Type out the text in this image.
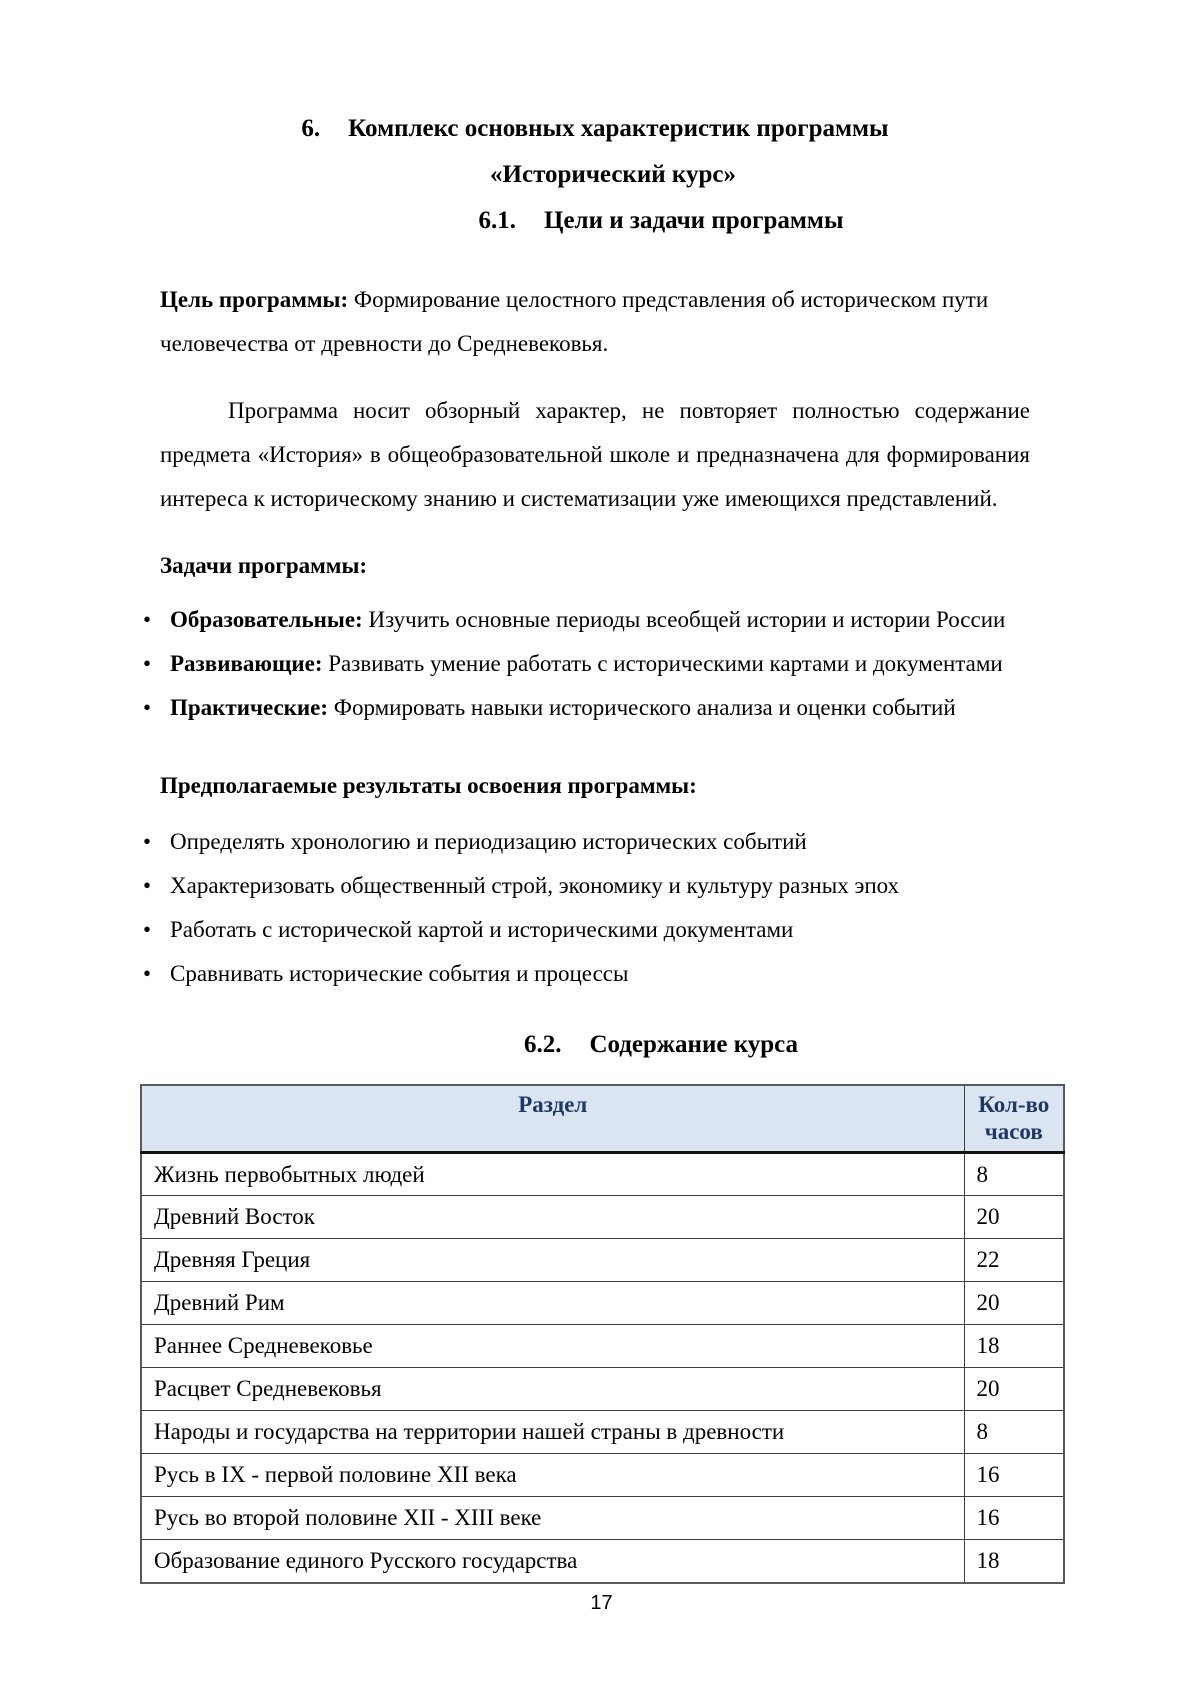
6. Комплекс основных характеристик программы
«Исторический курс»
6.1. Цели и задачи программы

Цель программы: Формирование целостного представления об историческом пути человечества от древности до Средневековья.

Программа носит обзорный характер, не повторяет полностью содержание предмета «История» в общеобразовательной школе и предназначена для формирования интереса к историческому знанию и систематизации уже имеющихся представлений.

Задачи программы:
• Образовательные: Изучить основные периоды всеобщей истории и истории России
• Развивающие: Развивать умение работать с историческими картами и документами
• Практические: Формировать навыки исторического анализа и оценки событий
Предполагаемые результаты освоения программы:
• Определять хронологию и периодизацию исторических событий
• Характеризовать общественный строй, экономику и культуру разных эпох
• Работать с исторической картой и историческими документами
• Сравнивать исторические события и процессы
6.2. Содержание курса
Раздел	Кол-во часов
Жизнь первобытных людей	8
Древний Восток	20
Древняя Греция	22
Древний Рим	20
Раннее Средневековье	18
Расцвет Средневековья	20
Народы и государства на территории нашей страны в древности	8
Русь в IX - первой половине XII века	16
Русь во второй половине XII - XIII веке	16
Образование единого Русского государства	18
17
